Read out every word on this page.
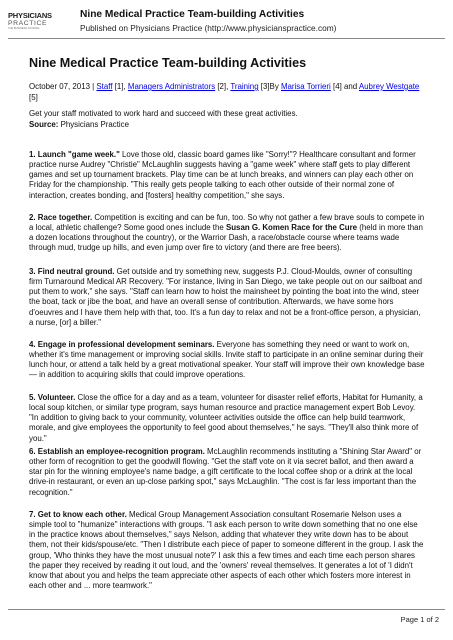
PHYSICIANS
PRACTICE
THE BUSINESS JOURNAL
Nine Medical Practice Team-building Activities
Published on Physicians Practice (http://www.physicianspractice.com)
Nine Medical Practice Team-building Activities
October 07, 2013 | Staff [1], Managers Administrators [2], Training [3]By Marisa Torrieri [4] and Aubrey Westgate [5]
Get your staff motivated to work hard and succeed with these great activities.
Source: Physicians Practice
1. Launch "game week." Love those old, classic board games like "Sorry!"? Healthcare consultant and former practice nurse Audrey "Christie" McLaughlin suggests having a "game week" where staff gets to play different games and set up tournament brackets. Play time can be at lunch breaks, and winners can play each other on Friday for the championship. "This really gets people talking to each other outside of their normal zone of interaction, creates bonding, and [fosters] healthy competition," she says.
2. Race together. Competition is exciting and can be fun, too. So why not gather a few brave souls to compete in a local, athletic challenge? Some good ones include the Susan G. Komen Race for the Cure (held in more than a dozen locations throughout the country), or the Warrior Dash, a race/obstacle course where teams wade through mud, trudge up hills, and even jump over fire to victory (and there are free beers).
3. Find neutral ground. Get outside and try something new, suggests P.J. Cloud-Moulds, owner of consulting firm Turnaround Medical AR Recovery. "For instance, living in San Diego, we take people out on our sailboat and put them to work," she says. "Staff can learn how to hoist the mainsheet by pointing the boat into the wind, steer the boat, tack or jibe the boat, and have an overall sense of contribution. Afterwards, we have some hors d'oeuvres and I have them help with that, too. It's a fun day to relax and not be a front-office person, a physician, a nurse, [or] a biller."
4. Engage in professional development seminars. Everyone has something they need or want to work on, whether it's time management or improving social skills. Invite staff to participate in an online seminar during their lunch hour, or attend a talk held by a great motivational speaker. Your staff will improve their own knowledge base — in addition to acquiring skills that could improve operations.
5. Volunteer. Close the office for a day and as a team, volunteer for disaster relief efforts, Habitat for Humanity, a local soup kitchen, or similar type program, says human resource and practice management expert Bob Levoy. "In addition to giving back to your community, volunteer activities outside the office can help build teamwork, morale, and give employees the opportunity to feel good about themselves," he says. "They'll also think more of you."
6. Establish an employee-recognition program. McLaughlin recommends instituting a "Shining Star Award" or other form of recognition to get the goodwill flowing. "Get the staff vote on it via secret ballot, and then award a star pin for the winning employee's name badge, a gift certificate to the local coffee shop or a drink at the local drive-in restaurant, or even an up-close parking spot," says McLaughlin. "The cost is far less important than the recognition."
7. Get to know each other. Medical Group Management Association consultant Rosemarie Nelson uses a simple tool to "humanize" interactions with groups. "I ask each person to write down something that no one else in the practice knows about themselves," says Nelson, adding that whatever they write down has to be about them, not their kids/spouse/etc. "Then I distribute each piece of paper to someone different in the group. I ask the group, 'Who thinks they have the most unusual note?' I ask this a few times and each time each person shares the paper they received by reading it out loud, and the 'owners' reveal themselves. It generates a lot of 'I didn't know that about you and helps the team appreciate other aspects of each other which fosters more interest in each other and ... more teamwork."
Page 1 of 2
